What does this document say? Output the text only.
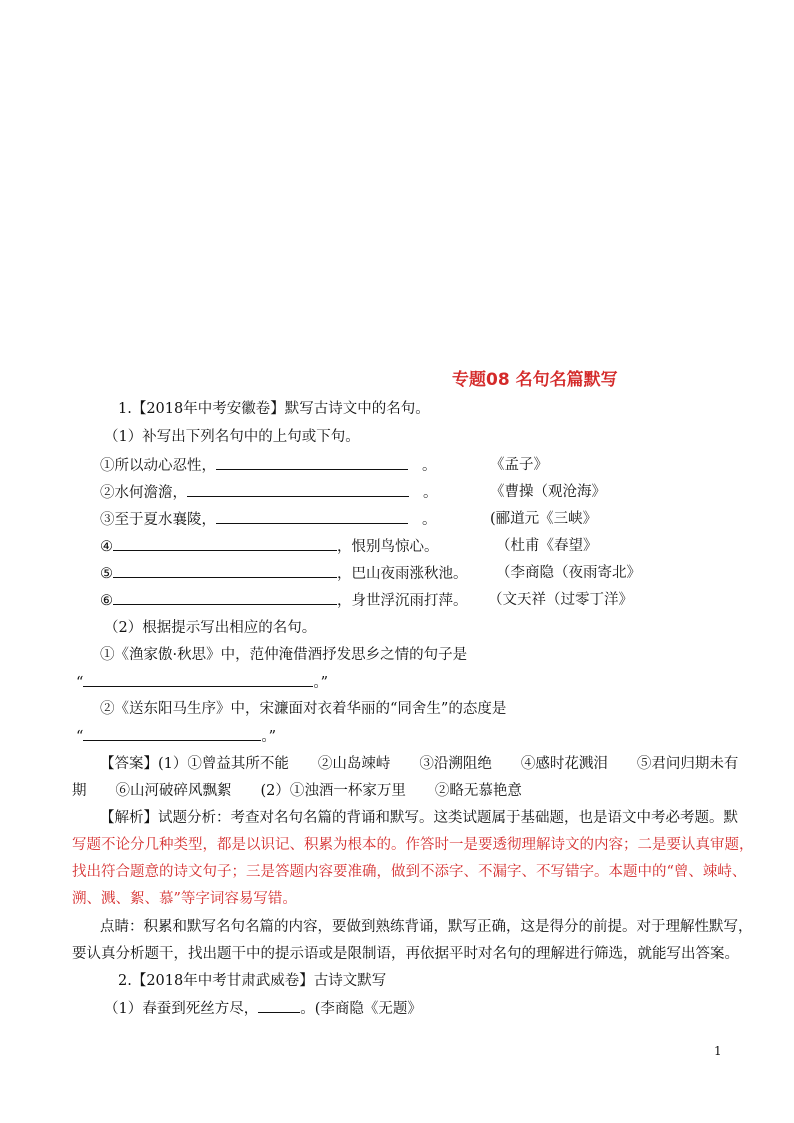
专题08 名句名篇默写
1.【2018年中考安徽卷】默写古诗文中的名句。
（1）补写出下列名句中的上句或下句。
①所以动心忍性，	。	《孟子》
②水何澹澹，	。	《曹操（观沧海》
③至于夏水襄陵，	。	(郦道元《三峡》
④	，恨别鸟惊心。	（杜甫《春望》
⑤	，巴山夜雨涨秋池。 （李商隐（夜雨寄北》
⑥	，身世浮沉雨打萍。 （文天祥（过零丁洋》
（2）根据提示写出相应的名句。
①《渔家傲·秋思》中，范仲淹借酒抒发思乡之情的句子是
“	。”
②《送东阳马生序》中，宋濂面对衣着华丽的“同舍生”的态度是
“	。”
【答案】(1）①曾益其所不能　　②山岛竦峙　　③沿溯阻绝　　④感时花溅泪　　⑤君问归期未有
期　　⑥山河破碎风飘絮　　(2）①浊酒一杯家万里　　②略无慕艳意
【解析】试题分析：考查对名句名篇的背诵和默写。这类试题属于基础题，也是语文中考必考题。默
写题不论分几种类型，都是以识记、积累为根本的。作答时一是要透彻理解诗文的内容；二是要认真审题，
找出符合题意的诗文句子；三是答题内容要准确，做到不添字、不漏字、不写错字。本题中的“曾、竦峙、
溯、溅、絮、慕”等字词容易写错。
点睛：积累和默写名句名篇的内容，要做到熟练背诵，默写正确，这是得分的前提。对于理解性默写，
要认真分析题干，找出题干中的提示语或是限制语，再依据平时对名句的理解进行筛选，就能写出答案。
2.【2018年中考甘肃武威卷】古诗文默写
（1）春蚕到死丝方尽，	。(李商隐《无题》
1
